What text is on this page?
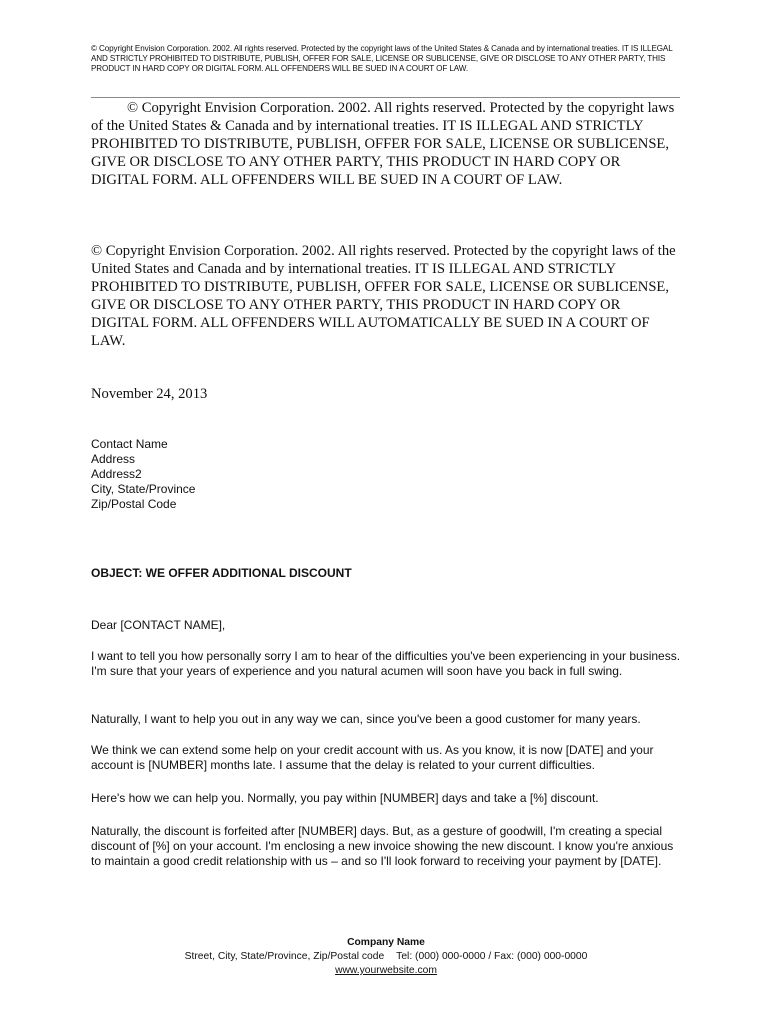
© Copyright Envision Corporation. 2002. All rights reserved. Protected by the copyright laws of the United States & Canada and by international treaties. IT IS ILLEGAL AND STRICTLY PROHIBITED TO DISTRIBUTE, PUBLISH, OFFER FOR SALE, LICENSE OR SUBLICENSE, GIVE OR DISCLOSE TO ANY OTHER PARTY, THIS PRODUCT IN HARD COPY OR DIGITAL FORM. ALL OFFENDERS WILL BE SUED IN A COURT OF LAW.
© Copyright Envision Corporation. 2002. All rights reserved. Protected by the copyright laws of the United States & Canada and by international treaties. IT IS ILLEGAL AND STRICTLY PROHIBITED TO DISTRIBUTE, PUBLISH, OFFER FOR SALE, LICENSE OR SUBLICENSE, GIVE OR DISCLOSE TO ANY OTHER PARTY, THIS PRODUCT IN HARD COPY OR DIGITAL FORM. ALL OFFENDERS WILL BE SUED IN A COURT OF LAW.
© Copyright Envision Corporation. 2002. All rights reserved. Protected by the copyright laws of the United States and Canada and by international treaties. IT IS ILLEGAL AND STRICTLY PROHIBITED TO DISTRIBUTE, PUBLISH, OFFER FOR SALE, LICENSE OR SUBLICENSE, GIVE OR DISCLOSE TO ANY OTHER PARTY, THIS PRODUCT IN HARD COPY OR DIGITAL FORM. ALL OFFENDERS WILL AUTOMATICALLY BE SUED IN A COURT OF LAW.
November 24, 2013
Contact Name
Address
Address2
City, State/Province
Zip/Postal Code
OBJECT: WE OFFER ADDITIONAL DISCOUNT
Dear [CONTACT NAME],
I want to tell you how personally sorry I am to hear of the difficulties you've been experiencing in your business. I'm sure that your years of experience and you natural acumen will soon have you back in full swing.
Naturally, I want to help you out in any way we can, since you've been a good customer for many years.
We think we can extend some help on your credit account with us. As you know, it is now [DATE] and your account is [NUMBER] months late. I assume that the delay is related to your current difficulties.
Here's how we can help you. Normally, you pay within [NUMBER] days and take a [%] discount.
Naturally, the discount is forfeited after [NUMBER] days. But, as a gesture of goodwill, I'm creating a special discount of [%] on your account. I'm enclosing a new invoice showing the new discount. I know you're anxious to maintain a good credit relationship with us – and so I'll look forward to receiving your payment by [DATE].
Company Name
Street, City, State/Province, Zip/Postal code Tel: (000) 000-0000 / Fax: (000) 000-0000
www.yourwebsite.com
